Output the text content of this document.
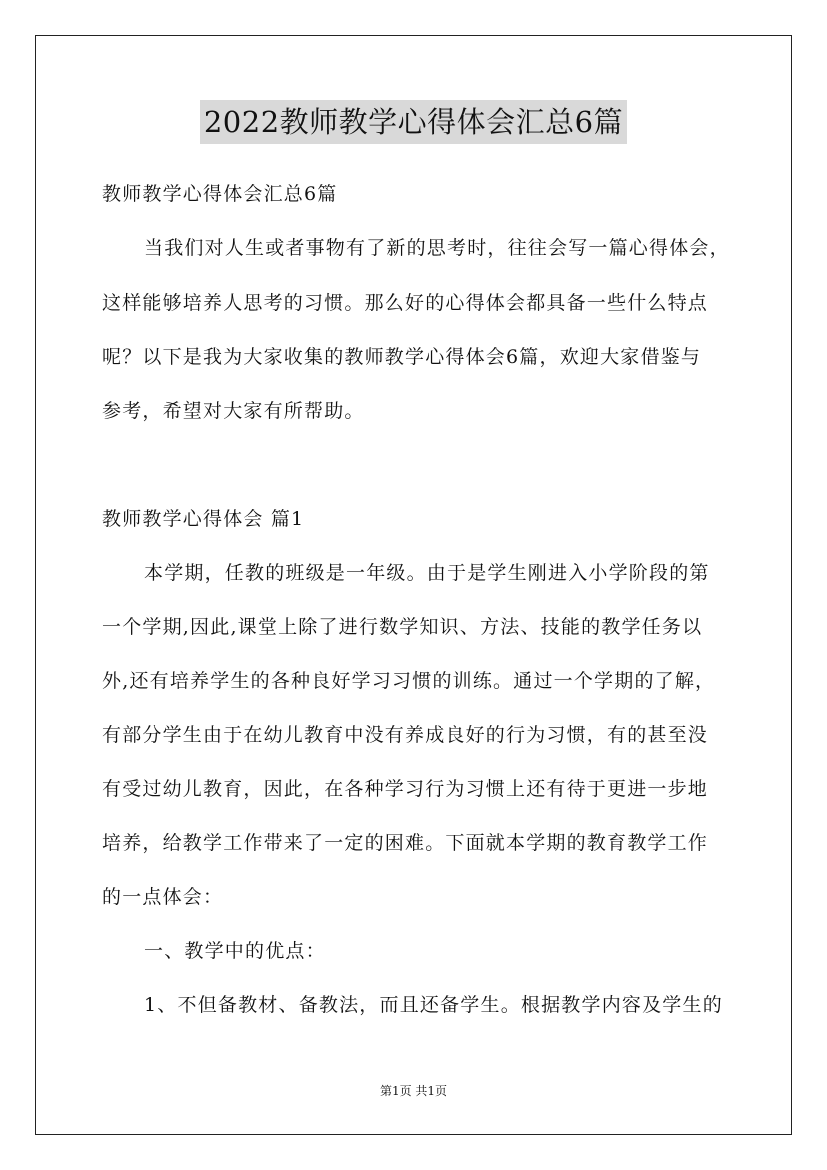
2022教师教学心得体会汇总6篇
教师教学心得体会汇总6篇
当我们对人生或者事物有了新的思考时，往往会写一篇心得体会，
这样能够培养人思考的习惯。那么好的心得体会都具备一些什么特点
呢？以下是我为大家收集的教师教学心得体会6篇，欢迎大家借鉴与
参考，希望对大家有所帮助。
教师教学心得体会 篇1
本学期，任教的班级是一年级。由于是学生刚进入小学阶段的第
一个学期,因此,课堂上除了进行数学知识、方法、技能的教学任务以
外,还有培养学生的各种良好学习习惯的训练。通过一个学期的了解，
有部分学生由于在幼儿教育中没有养成良好的行为习惯，有的甚至没
有受过幼儿教育，因此，在各种学习行为习惯上还有待于更进一步地
培养，给教学工作带来了一定的困难。下面就本学期的教育教学工作
的一点体会：
一、教学中的优点：
1、不但备教材、备教法，而且还备学生。根据教学内容及学生的
第1页 共1页
